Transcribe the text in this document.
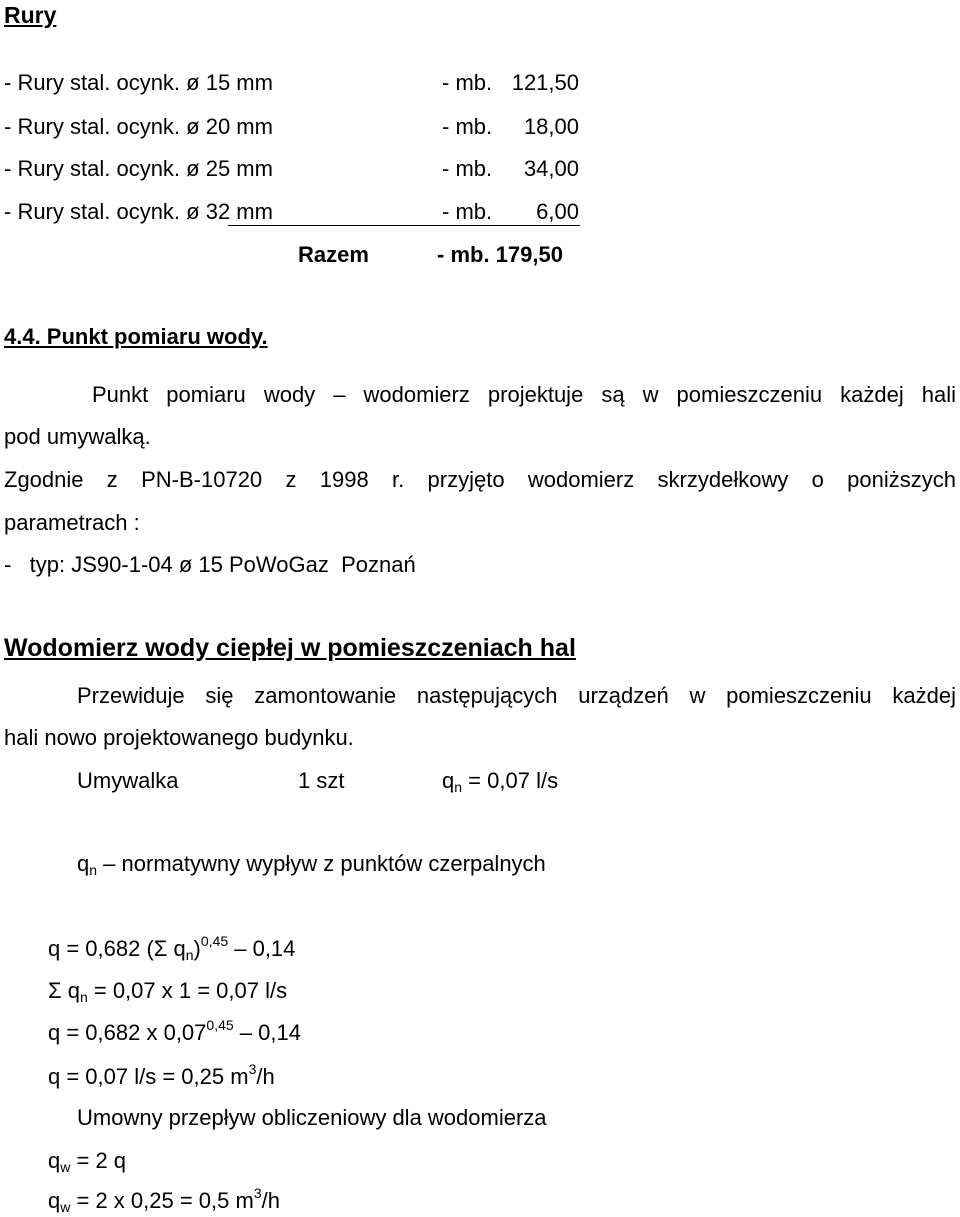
Rury
- Rury stal. ocynk. ø 15 mm	- mb. 121,50
- Rury stal. ocynk. ø 20 mm	- mb.	18,00
- Rury stal. ocynk. ø 25 mm	- mb.	34,00
- Rury stal. ocynk. ø 32 mm	- mb.	6,00
Razem	- mb. 179,50
4.4. Punkt pomiaru wody.
Punkt pomiaru wody – wodomierz projektuje są w pomieszczeniu każdej hali
pod umywalką.
Zgodnie z PN-B-10720 z 1998 r. przyjęto wodomierz skrzydełkowy o poniższych
parametrach :
-   typ: JS90-1-04 ø 15 PoWoGaz  Poznań
Wodomierz wody ciepłej w pomieszczeniach hal
Przewiduje się zamontowanie następujących urządzeń w pomieszczeniu każdej
hali nowo projektowanego budynku.
Umywalka	1 szt	$q_n = 0,07$ l/s
$q_n$ – normatywny wypływ z punktów czerpalnych
q = 0,682 (Σ $q_n)^{0,45} - 0,14$
Σ $q_n = 0,07$ x 1 = 0,07 l/s
q = 0,682 x 0,07$^{0,45}$ – 0,14
q = 0,07 l/s = 0,25 $m^3/h$
Umowny przepływ obliczeniowy dla wodomierza
$q_w = 2$ q
$q_w = 2$ x 0,25 = 0,5 $m^3/h$
